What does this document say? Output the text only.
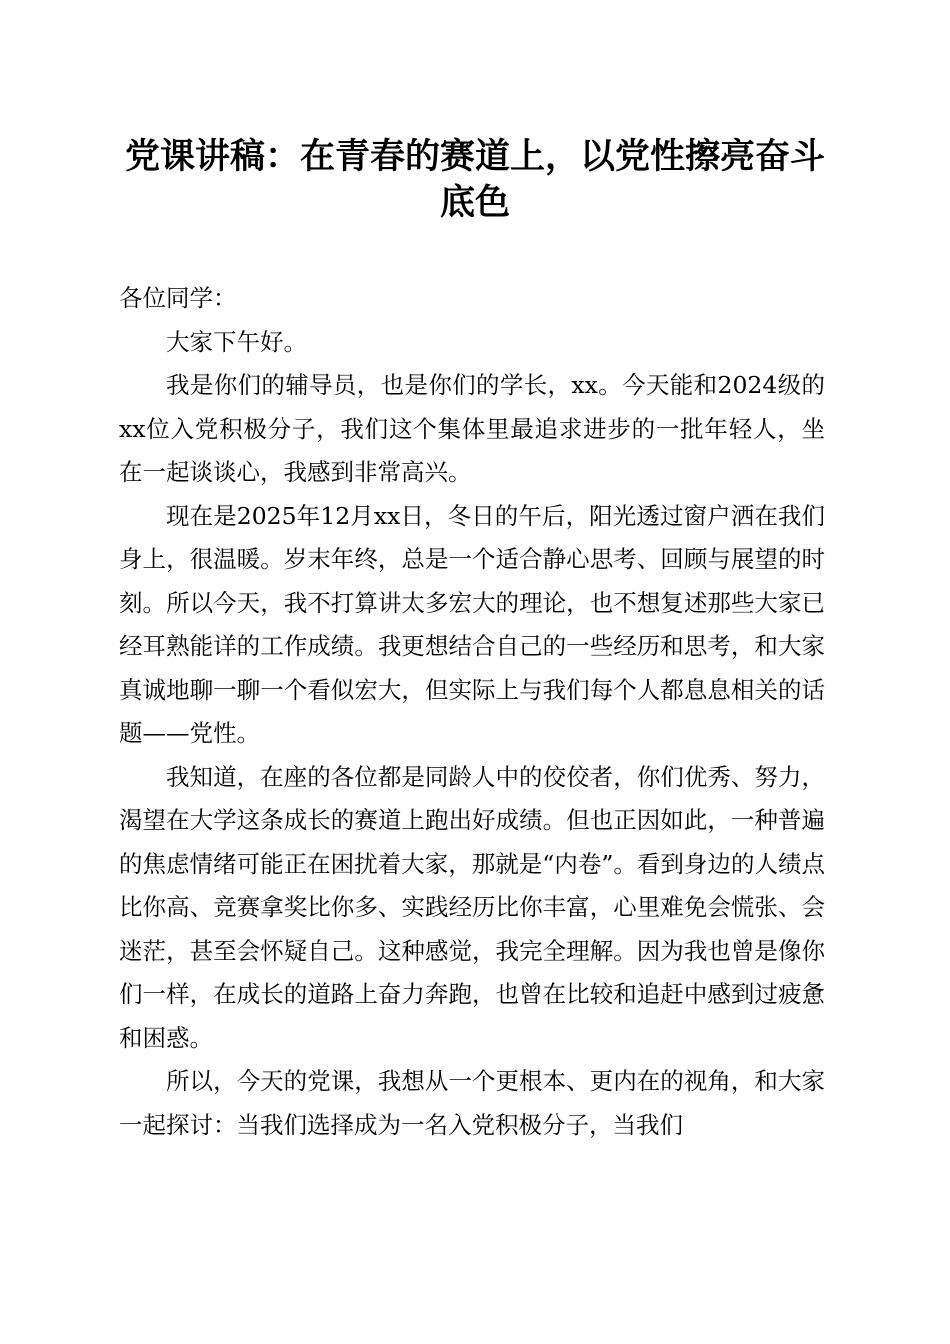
党课讲稿：在青春的赛道上，以党性擦亮奋斗
底色

各位同学：

大家下午好。

我是你们的辅导员，也是你们的学长，xx。今天能和2024级的xx位入党积极分子，我们这个集体里最追求进步的一批年轻人，坐在一起谈谈心，我感到非常高兴。

现在是2025年12月xx日，冬日的午后，阳光透过窗户洒在我们身上，很温暖。岁末年终，总是一个适合静心思考、回顾与展望的时刻。所以今天，我不打算讲太多宏大的理论，也不想复述那些大家已经耳熟能详的工作成绩。我更想结合自己的一些经历和思考，和大家真诚地聊一聊一个看似宏大，但实际上与我们每个人都息息相关的话题——党性。

我知道，在座的各位都是同龄人中的佼佼者，你们优秀、努力，渴望在大学这条成长的赛道上跑出好成绩。但也正因如此，一种普遍的焦虑情绪可能正在困扰着大家，那就是“内卷”。看到身边的人绩点比你高、竞赛拿奖比你多、实践经历比你丰富，心里难免会慌张、会迷茫，甚至会怀疑自己。这种感觉，我完全理解。因为我也曾是像你们一样，在成长的道路上奋力奔跑，也曾在比较和追赶中感到过疲惫和困惑。

所以，今天的党课，我想从一个更根本、更内在的视角，和大家一起探讨：当我们选择成为一名入党积极分子，当我们
